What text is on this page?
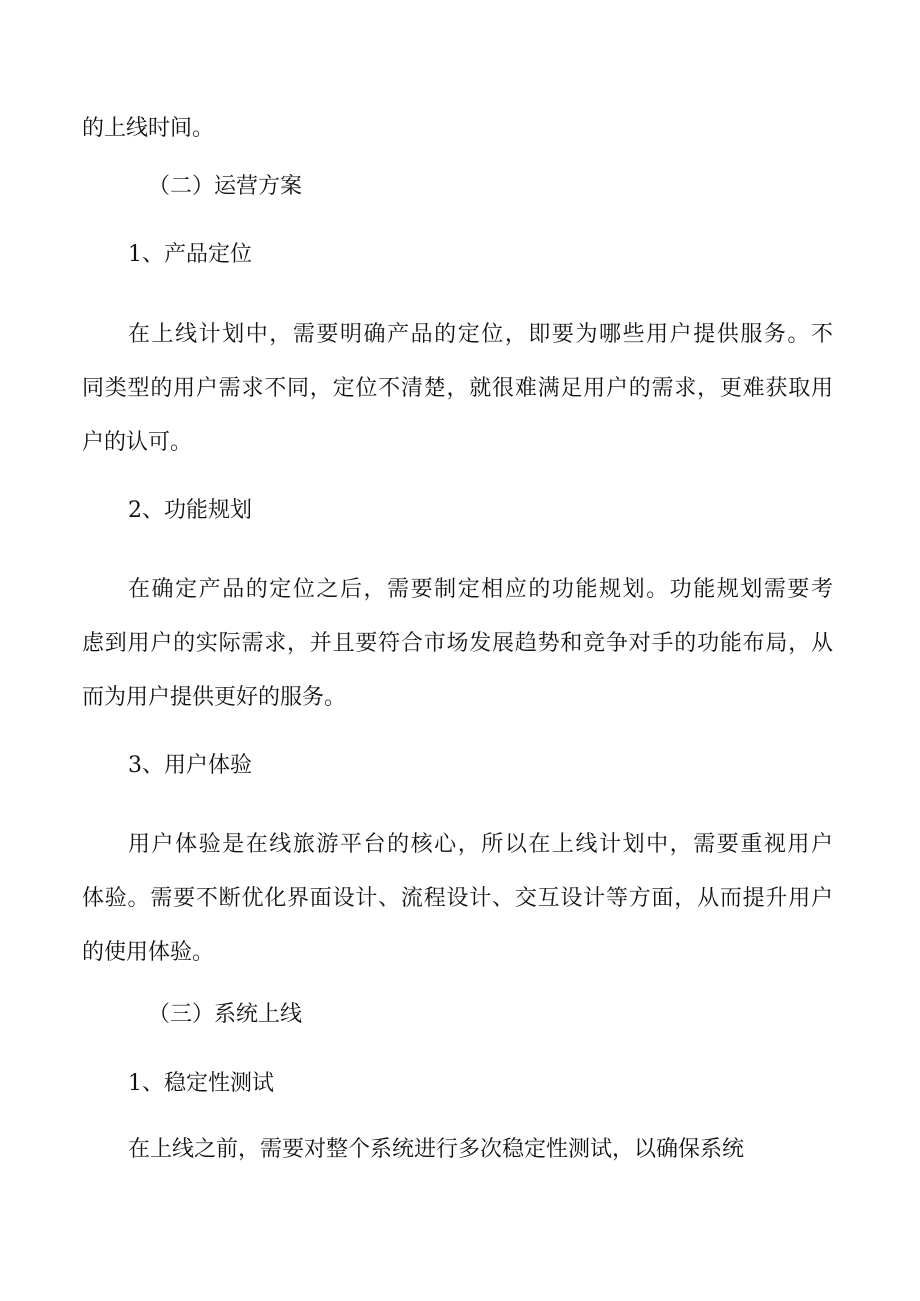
的上线时间。
（二）运营方案
1、产品定位
在上线计划中，需要明确产品的定位，即要为哪些用户提供服务。不
同类型的用户需求不同，定位不清楚，就很难满足用户的需求，更难获取用
户的认可。
2、功能规划
在确定产品的定位之后，需要制定相应的功能规划。功能规划需要考
虑到用户的实际需求，并且要符合市场发展趋势和竞争对手的功能布局，从
而为用户提供更好的服务。
3、用户体验
用户体验是在线旅游平台的核心，所以在上线计划中，需要重视用户
体验。需要不断优化界面设计、流程设计、交互设计等方面，从而提升用户
的使用体验。
（三）系统上线
1、稳定性测试
在上线之前，需要对整个系统进行多次稳定性测试，以确保系统
